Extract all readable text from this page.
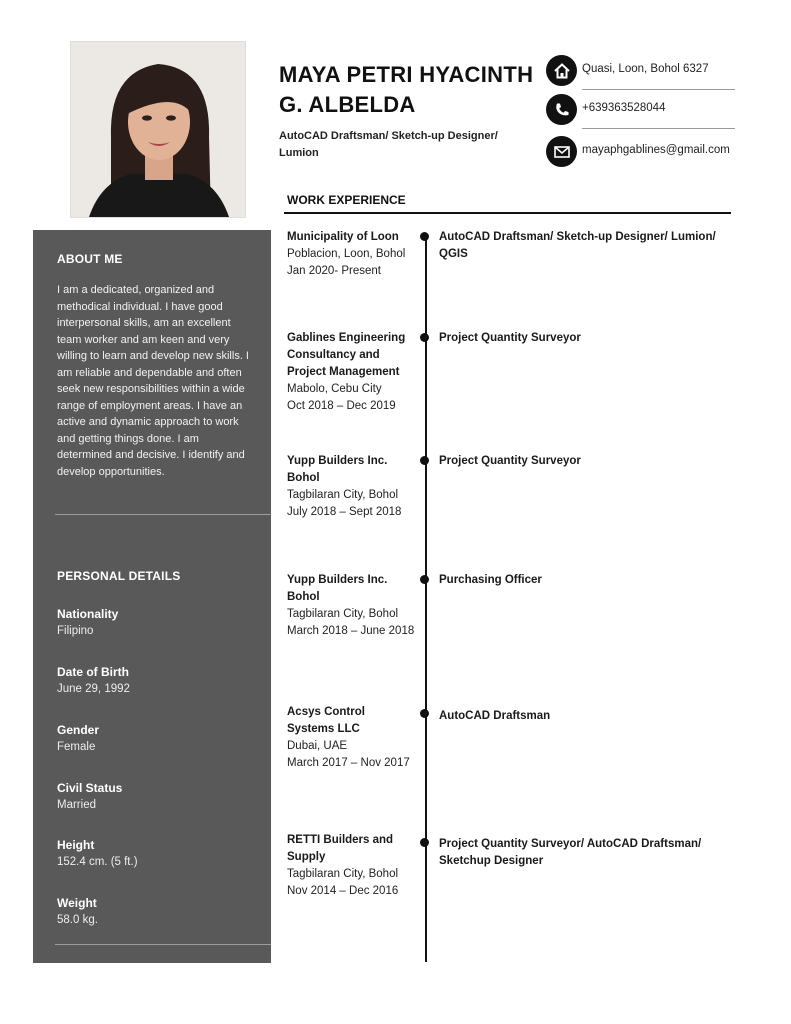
MAYA PETRI HYACINTH G. ALBELDA
AutoCAD Draftsman/ Sketch-up Designer/ Lumion
Quasi, Loon, Bohol 6327
+639363528044
mayaphgablines@gmail.com
ABOUT ME
I am a dedicated, organized and methodical individual. I have good interpersonal skills, am an excellent team worker and am keen and very willing to learn and develop new skills. I am reliable and dependable and often seek new responsibilities within a wide range of employment areas. I have an active and dynamic approach to work and getting things done. I am determined and decisive. I identify and develop opportunities.
PERSONAL DETAILS
Nationality
Filipino
Date of Birth
June 29, 1992
Gender
Female
Civil Status
Married
Height
152.4 cm. (5 ft.)
Weight
58.0 kg.
WORK EXPERIENCE
Municipality of Loon
Poblacion, Loon, Bohol
Jan 2020- Present
AutoCAD Draftsman/ Sketch-up Designer/ Lumion/ QGIS
Gablines Engineering Consultancy and Project Management
Mabolo, Cebu City
Oct 2018 – Dec 2019
Project Quantity Surveyor
Yupp Builders Inc. Bohol
Tagbilaran City, Bohol
July 2018 – Sept 2018
Project Quantity Surveyor
Yupp Builders Inc. Bohol
Tagbilaran City, Bohol
March 2018 – June 2018
Purchasing Officer
Acsys Control Systems LLC
Dubai, UAE
March 2017 – Nov 2017
AutoCAD Draftsman
RETTI Builders and Supply
Tagbilaran City, Bohol
Nov 2014 – Dec 2016
Project Quantity Surveyor/ AutoCAD Draftsman/ Sketchup Designer
